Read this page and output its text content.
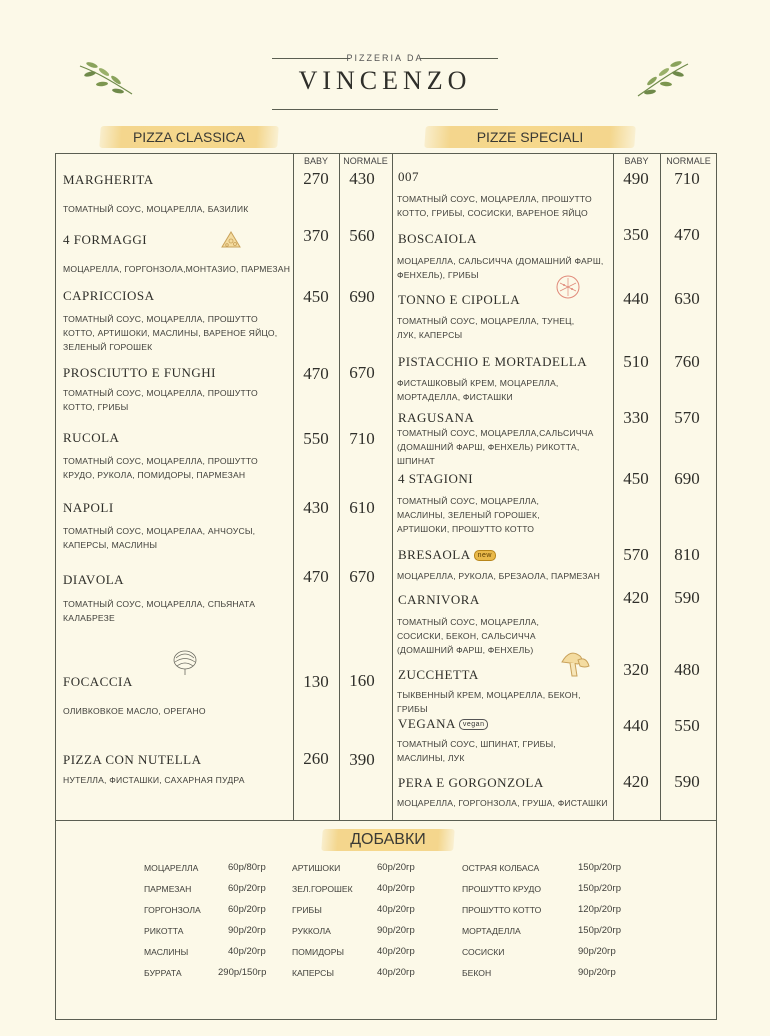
PIZZERIA DA
VINCENZO
PIZZA CLASSICA	PIZZE SPECIALI
BABY	NORMALE	BABY	NORMALE
MARGHERITA
ТОМАТНЫЙ СОУС, МОЦАРЕЛЛА, БАЗИЛИК
270	430
4 FORMAGGI
МОЦАРЕЛЛА, ГОРГОНЗОЛА,МОНТАЗИО, ПАРМЕЗАН
370	560
CAPRICCIOSA
ТОМАТНЫЙ СОУС, МОЦАРЕЛЛА, ПРОШУТТО КОТТО, АРТИШОКИ, МАСЛИНЫ, ВАРЕНОЕ ЯЙЦО, ЗЕЛЕНЫЙ ГОРОШЕК
450	690
PROSCIUTTO E FUNGHI
ТОМАТНЫЙ СОУС, МОЦАРЕЛЛА, ПРОШУТТО КОТТО, ГРИБЫ
470	670
RUCOLA
ТОМАТНЫЙ СОУС, МОЦАРЕЛЛА, ПРОШУТТО КРУДО, РУКОЛА, ПОМИДОРЫ, ПАРМЕЗАН
550	710
NAPOLI
ТОМАТНЫЙ СОУС, МОЦАРЕЛАА, АНЧОУСЫ, КАПЕРСЫ, МАСЛИНЫ
430	610
DIAVOLA
ТОМАТНЫЙ СОУС, МОЦАРЕЛЛА, СПЬЯНАТА КАЛАБРЕЗЕ
470	670
FOCACCIA
ОЛИВКОВКОЕ МАСЛО, ОРЕГАНО
130	160
PIZZA CON NUTELLA
НУТЕЛЛА, ФИСТАШКИ, САХАРНАЯ ПУДРА
260	390
007
ТОМАТНЫЙ СОУС, МОЦАРЕЛЛА, ПРОШУТТО КОТТО, ГРИБЫ, СОСИСКИ, ВАРЕНОЕ ЯЙЦО
490	710
BOSCAIOLA
МОЦАРЕЛЛА, САЛЬСИЧЧА (ДОМАШНИЙ ФАРШ, ФЕНХЕЛЬ), ГРИБЫ
350	470
TONNO E CIPOLLA
ТОМАТНЫЙ СОУС, МОЦАРЕЛЛА, ТУНЕЦ, ЛУК, КАПЕРСЫ
440	630
PISTACCHIO E MORTADELLA
ФИСТАШКОВЫЙ КРЕМ, МОЦАРЕЛЛА, МОРТАДЕЛЛА, ФИСТАШКИ
510	760
RAGUSANA
ТОМАТНЫЙ СОУС, МОЦАРЕЛЛА,САЛЬСИЧЧА (ДОМАШНИЙ ФАРШ, ФЕНХЕЛЬ) РИКОТТА, ШПИНАТ
330	570
4 STAGIONI
ТОМАТНЫЙ СОУС, МОЦАРЕЛЛА, МАСЛИНЫ, ЗЕЛЕНЫЙ ГОРОШЕК, АРТИШОКИ, ПРОШУТТО КОТТО
450	690
BRESAOLA new
МОЦАРЕЛЛА, РУКОЛА, БРЕЗАОЛА, ПАРМЕЗАН
570	810
CARNIVORA
ТОМАТНЫЙ СОУС, МОЦАРЕЛЛА, СОСИСКИ, БЕКОН, САЛЬСИЧЧА (ДОМАШНИЙ ФАРШ, ФЕНХЕЛЬ)
420	590
ZUCCHETTA
ТЫКВЕННЫЙ КРЕМ, МОЦАРЕЛЛА, БЕКОН, ГРИБЫ
320	480
VEGANA vegan
ТОМАТНЫЙ СОУС, ШПИНАТ, ГРИБЫ, МАСЛИНЫ, ЛУК
440	550
PERA E GORGONZOLA
МОЦАРЕЛЛА, ГОРГОНЗОЛА, ГРУША, ФИСТАШКИ
420	590
ДОБАВКИ
МОЦАРЕЛЛА	60р/80гр
ПАРМЕЗАН	60р/20гр
ГОРГОНЗОЛА	60р/20гр
РИКОТТА	90р/20гр
МАСЛИНЫ	40р/20гр
БУРРАТА	290р/150гр
АРТИШОКИ	60р/20гр
ЗЕЛ.ГОРОШЕК	40р/20гр
ГРИБЫ	40р/20гр
РУККОЛА	90р/20гр
ПОМИДОРЫ	40р/20гр
КАПЕРСЫ	40р/20гр
ОСТРАЯ КОЛБАСА	150р/20гр
ПРОШУТТО КРУДО	150р/20гр
ПРОШУТТО КОТТО	120р/20гр
МОРТАДЕЛЛА	150р/20гр
СОСИСКИ	90р/20гр
БЕКОН	90р/20гр
